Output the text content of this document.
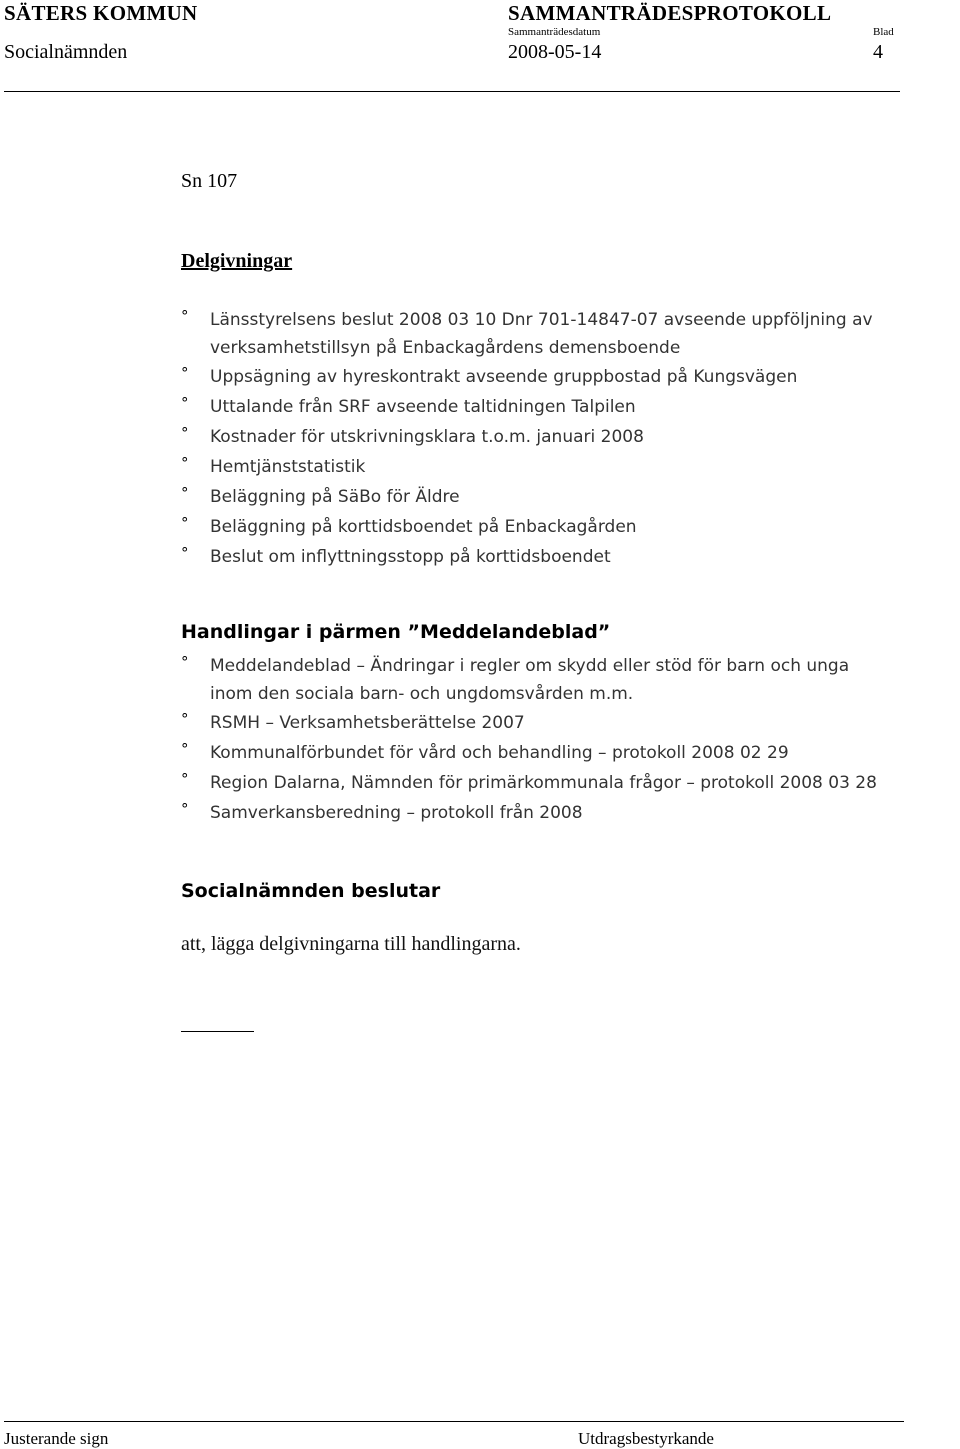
SÄTERS KOMMUN	SAMMANTRÄDESPROTOKOLL
Sammanträdesdatum	Blad
Socialnämnden	2008-05-14	4
Sn 107
Delgivningar
° Länsstyrelsens beslut 2008 03 10 Dnr 701-14847-07 avseende uppföljning av
verksamhetstillsyn på Enbackagårdens demensboende
° Uppsägning av hyreskontrakt avseende gruppbostad på Kungsvägen
° Uttalande från SRF avseende taltidningen Talpilen
° Kostnader för utskrivningsklara t.o.m. januari 2008
° Hemtjänststatistik
° Beläggning på SäBo för Äldre
° Beläggning på korttidsboendet på Enbackagården
° Beslut om inflyttningsstopp på korttidsboendet
Handlingar i pärmen ”Meddelandeblad”
° Meddelandeblad – Ändringar i regler om skydd eller stöd för barn och unga
inom den sociala barn- och ungdomsvården m.m.
° RSMH – Verksamhetsberättelse 2007
° Kommunalförbundet för vård och behandling – protokoll 2008 02 29
° Region Dalarna, Nämnden för primärkommunala frågor – protokoll 2008 03 28
° Samverkansberedning – protokoll från 2008
Socialnämnden beslutar
att, lägga delgivningarna till handlingarna.
Justerande sign	Utdragsbestyrkande
